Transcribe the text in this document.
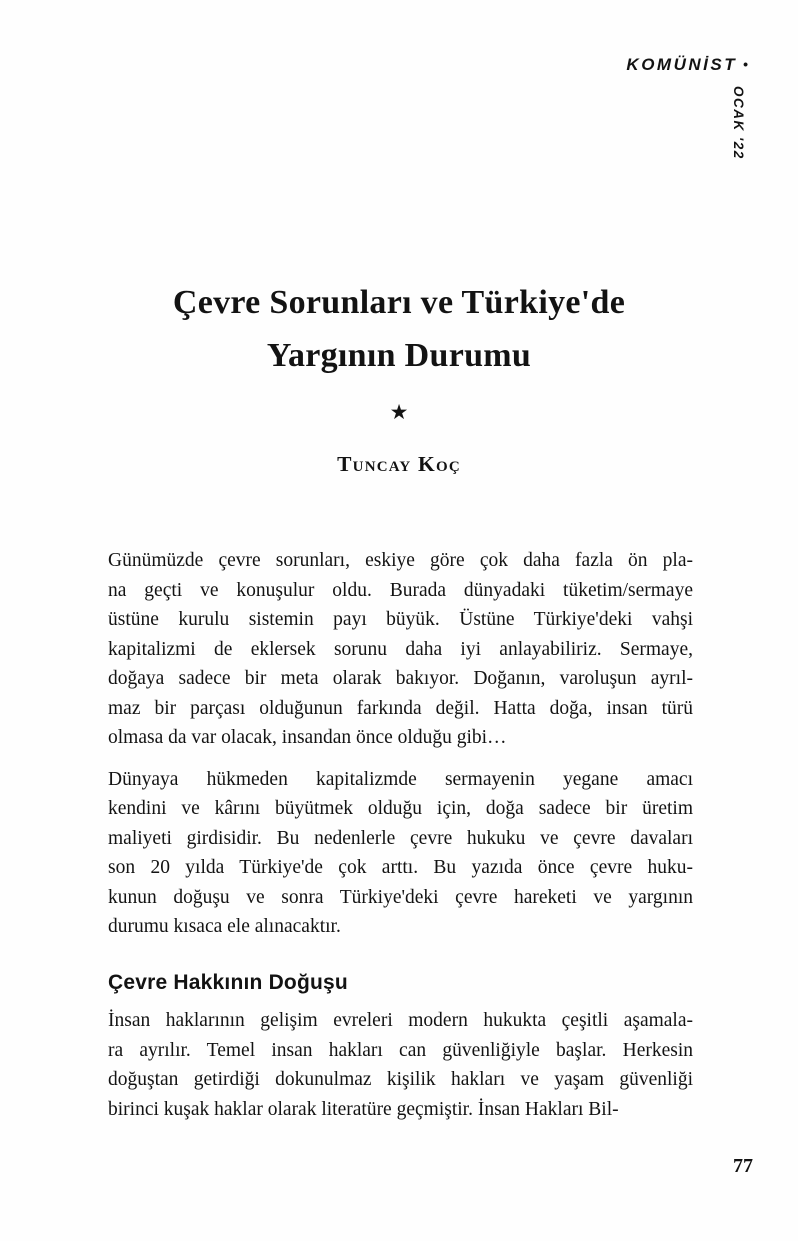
KOMÜNİST •
OCAK '22
Çevre Sorunları ve Türkiye'de
Yargının Durumu
★
Tuncay Koç

Günümüzde çevre sorunları, eskiye göre çok daha fazla ön pla-
na geçti ve konuşulur oldu. Burada dünyadaki tüketim/sermaye
üstüne kurulu sistemin payı büyük. Üstüne Türkiye'deki vahşi
kapitalizmi de eklersek sorunu daha iyi anlayabiliriz. Sermaye,
doğaya sadece bir meta olarak bakıyor. Doğanın, varoluşun ayrıl-
maz bir parçası olduğunun farkında değil. Hatta doğa, insan türü
olmasa da var olacak, insandan önce olduğu gibi…

Dünyaya hükmeden kapitalizmde sermayenin yegane amacı
kendini ve kârını büyütmek olduğu için, doğa sadece bir üretim
maliyeti girdisidir. Bu nedenlerle çevre hukuku ve çevre davaları
son 20 yılda Türkiye'de çok arttı. Bu yazıda önce çevre huku-
kunun doğuşu ve sonra Türkiye'deki çevre hareketi ve yargının
durumu kısaca ele alınacaktır.

Çevre Hakkının Doğuşu

İnsan haklarının gelişim evreleri modern hukukta çeşitli aşamala-
ra ayrılır. Temel insan hakları can güvenliğiyle başlar. Herkesin
doğuştan getirdiği dokunulmaz kişilik hakları ve yaşam güvenliği
birinci kuşak haklar olarak literatüre geçmiştir. İnsan Hakları Bil-

77
